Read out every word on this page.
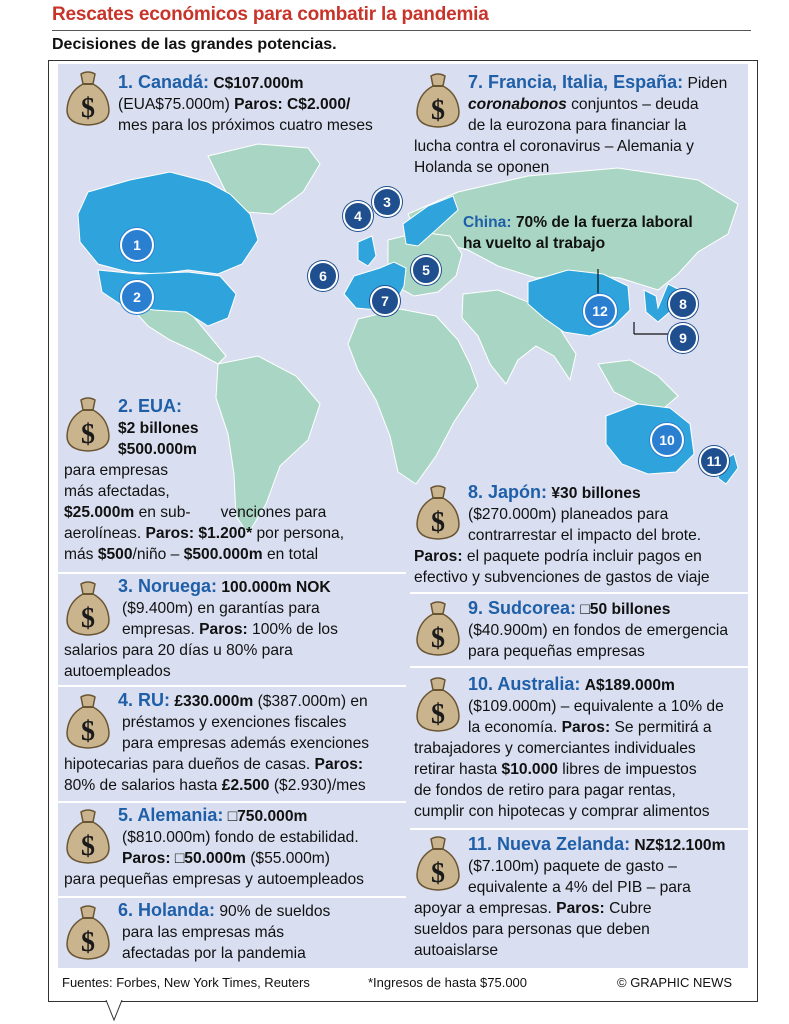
Rescates económicos para combatir la pandemia
Decisiones de las grandes potencias.
1
2
3
4
5
6
7	8
9
10
11
12
China: 70% de la fuerza laboral ha vuelto al trabajo
1. Canadá: C$107.000m
(EUA$75.000m) Paros: C$2.000/
mes para los próximos cuatro meses
2. EUA:
$2 billones
$500.000m
para empresas
más afectadas,
$25.000m en sub- venciones para
aerolíneas. Paros: $1.200* por persona,
más $500/niño – $500.000m en total
3. Noruega: 100.000m NOK
($9.400m) en garantías para
empresas. Paros: 100% de los
salarios para 20 días u 80% para
autoempleados
4. RU: £330.000m ($387.000m) en
préstamos y exenciones fiscales
para empresas además exenciones
hipotecarias para dueños de casas. Paros:
80% de salarios hasta £2.500 ($2.930)/mes
5. Alemania: □750.000m
($810.000m) fondo de estabilidad.
Paros: □50.000m ($55.000m)
para pequeñas empresas y autoempleados
6. Holanda: 90% de sueldos
para las empresas más
afectadas por la pandemia
7. Francia, Italia, España: Piden
coronabonos conjuntos – deuda
de la eurozona para financiar la
lucha contra el coronavirus – Alemania y
Holanda se oponen
8. Japón: ¥30 billones
($270.000m) planeados para
contrarrestar el impacto del brote.
Paros: el paquete podría incluir pagos en
efectivo y subvenciones de gastos de viaje
9. Sudcorea: □50 billones
($40.900m) en fondos de emergencia
para pequeñas empresas
10. Australia: A$189.000m
($109.000m) – equivalente a 10% de
la economía. Paros: Se permitirá a
trabajadores y comerciantes individuales
retirar hasta $10.000 libres de impuestos
de fondos de retiro para pagar rentas,
cumplir con hipotecas y comprar alimentos
11. Nueva Zelanda: NZ$12.100m
($7.100m) paquete de gasto –
equivalente a 4% del PIB – para
apoyar a empresas. Paros: Cubre
sueldos para personas que deben
autoaislarse
Fuentes: Forbes, New York Times, Reuters	*Ingresos de hasta $75.000	© GRAPHIC NEWS
